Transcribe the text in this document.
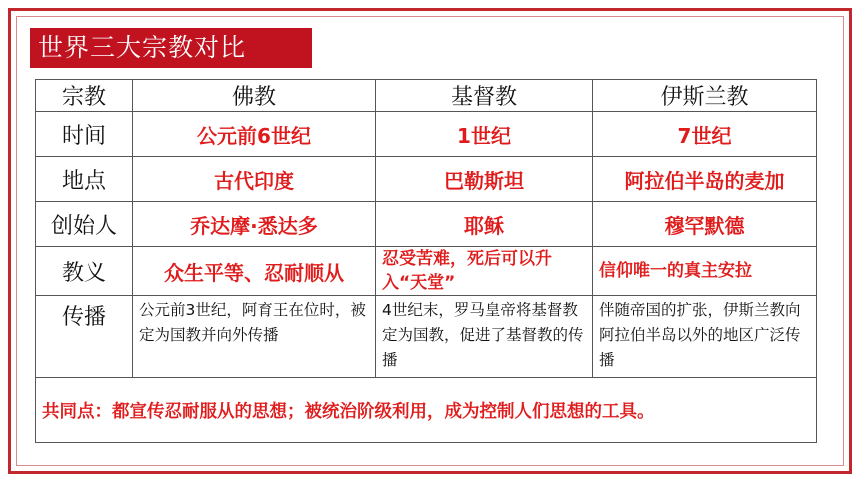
世界三大宗教对比
宗教	佛教	基督教	伊斯兰教
时间	公元前6世纪	1世纪	7世纪
地点	古代印度	巴勒斯坦	阿拉伯半岛的麦加
创始人	乔达摩·悉达多	耶稣	穆罕默德
教义	众生平等、忍耐顺从	忍受苦难，死后可以升入“天堂”	信仰唯一的真主安拉
传播	公元前3世纪，阿育王在位时，被定为国教并向外传播	4世纪末，罗马皇帝将基督教定为国教，促进了基督教的传播	伴随帝国的扩张，伊斯兰教向阿拉伯半岛以外的地区广泛传播
共同点：都宣传忍耐服从的思想；被统治阶级利用，成为控制人们思想的工具。			
